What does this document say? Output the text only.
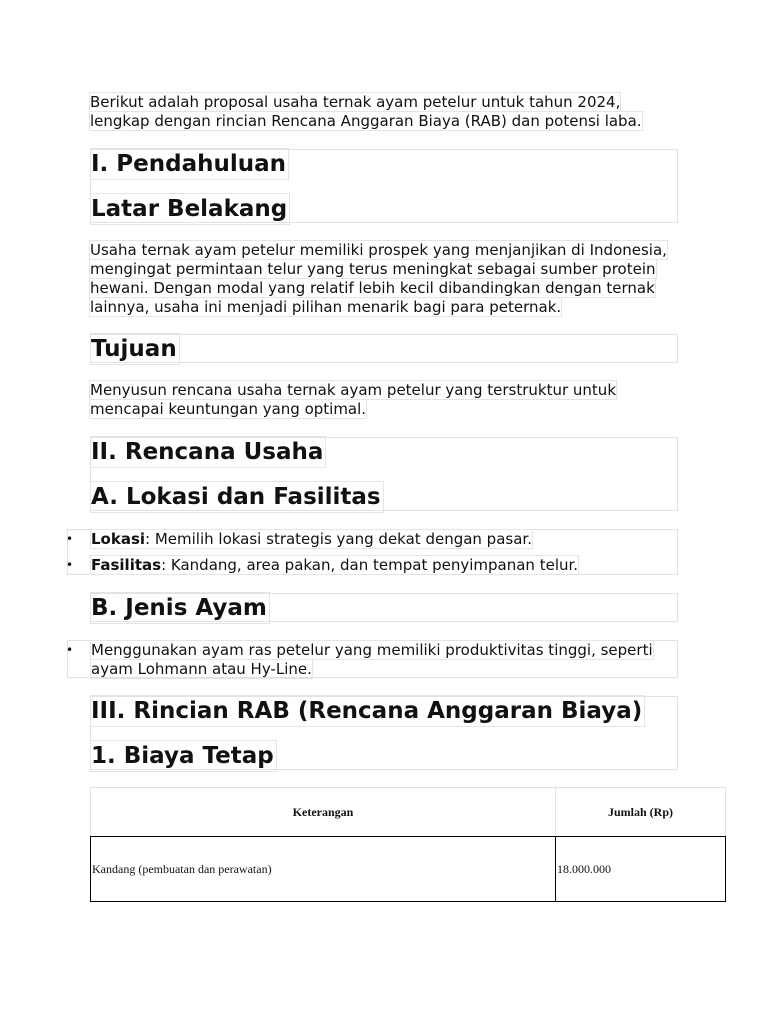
Berikut adalah proposal usaha ternak ayam petelur untuk tahun 2024,
lengkap dengan rincian Rencana Anggaran Biaya (RAB) dan potensi laba.
I. Pendahuluan
Latar Belakang
Usaha ternak ayam petelur memiliki prospek yang menjanjikan di Indonesia,
mengingat permintaan telur yang terus meningkat sebagai sumber protein
hewani. Dengan modal yang relatif lebih kecil dibandingkan dengan ternak
lainnya, usaha ini menjadi pilihan menarik bagi para peternak.
Tujuan
Menyusun rencana usaha ternak ayam petelur yang terstruktur untuk
mencapai keuntungan yang optimal.
II. Rencana Usaha
A. Lokasi dan Fasilitas
• Lokasi: Memilih lokasi strategis yang dekat dengan pasar.
• Fasilitas: Kandang, area pakan, dan tempat penyimpanan telur.
B. Jenis Ayam
• Menggunakan ayam ras petelur yang memiliki produktivitas tinggi, seperti
ayam Lohmann atau Hy-Line.
III. Rincian RAB (Rencana Anggaran Biaya)
1. Biaya Tetap
Keterangan	Jumlah (Rp)
Kandang (pembuatan dan perawatan)	18.000.000
